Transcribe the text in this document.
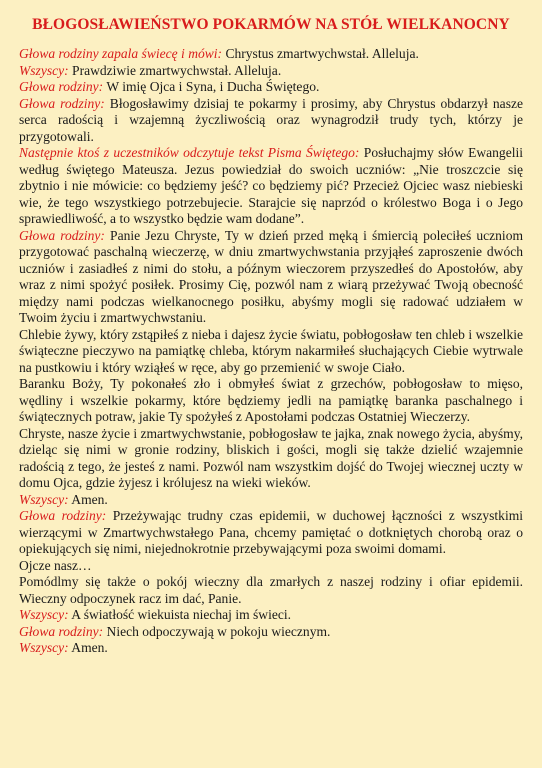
BŁOGOSŁAWIEŃSTWO POKARMÓW NA STÓŁ WIELKANOCNY

Głowa rodziny zapala świecę i mówi: Chrystus zmartwychwstał. Alleluja.

Wszyscy: Prawdziwie zmartwychwstał. Alleluja.

Głowa rodziny: W imię Ojca i Syna, i Ducha Świętego.

Głowa rodziny: Błogosławimy dzisiaj te pokarmy i prosimy, aby Chrystus obdarzył nasze serca radością i wzajemną życzliwością oraz wynagrodził trudy tych, którzy je przygotowali.

Następnie ktoś z uczestników odczytuje tekst Pisma Świętego: Posłuchajmy słów Ewangelii według świętego Mateusza. Jezus powiedział do swoich uczniów: „Nie troszczcie się zbytnio i nie mówicie: co będziemy jeść? co będziemy pić? Przecież Ojciec wasz niebieski wie, że tego wszystkiego potrzebujecie. Starajcie się naprzód o królestwo Boga i o Jego sprawiedliwość, a to wszystko będzie wam dodane”.

Głowa rodziny: Panie Jezu Chryste, Ty w dzień przed męką i śmiercią poleciłeś uczniom przygotować paschalną wieczerzę, w dniu zmartwychwstania przyjąłeś zaproszenie dwóch uczniów i zasiadłeś z nimi do stołu, a późnym wieczorem przyszedłeś do Apostołów, aby wraz z nimi spożyć posiłek. Prosimy Cię, pozwól nam z wiarą przeżywać Twoją obecność między nami podczas wielkanocnego posiłku, abyśmy mogli się radować udziałem w Twoim życiu i zmartwychwstaniu.

Chlebie żywy, który zstąpiłeś z nieba i dajesz życie światu, pobłogosław ten chleb i wszelkie świąteczne pieczywo na pamiątkę chleba, którym nakarmiłeś słuchających Ciebie wytrwale na pustkowiu i który wziąłeś w ręce, aby go przemienić w swoje Ciało.

Baranku Boży, Ty pokonałeś zło i obmyłeś świat z grzechów, pobłogosław to mięso, wędliny i wszelkie pokarmy, które będziemy jedli na pamiątkę baranka paschalnego i świątecznych potraw, jakie Ty spożyłeś z Apostołami podczas Ostatniej Wieczerzy.

Chryste, nasze życie i zmartwychwstanie, pobłogosław te jajka, znak nowego życia, abyśmy, dzieląc się nimi w gronie rodziny, bliskich i gości, mogli się także dzielić wzajemnie radością z tego, że jesteś z nami. Pozwól nam wszystkim dojść do Twojej wiecznej uczty w domu Ojca, gdzie żyjesz i królujesz na wieki wieków.

Wszyscy: Amen.

Głowa rodziny: Przeżywając trudny czas epidemii, w duchowej łączności z wszystkimi wierzącymi w Zmartwychwstałego Pana, chcemy pamiętać o dotkniętych chorobą oraz o opiekujących się nimi, niejednokrotnie przebywającymi poza swoimi domami.

Ojcze nasz…

Pomódlmy się także o pokój wieczny dla zmarłych z naszej rodziny i ofiar epidemii. Wieczny odpoczynek racz im dać, Panie.

Wszyscy: A światłość wiekuista niechaj im świeci.

Głowa rodziny: Niech odpoczywają w pokoju wiecznym.

Wszyscy: Amen.
